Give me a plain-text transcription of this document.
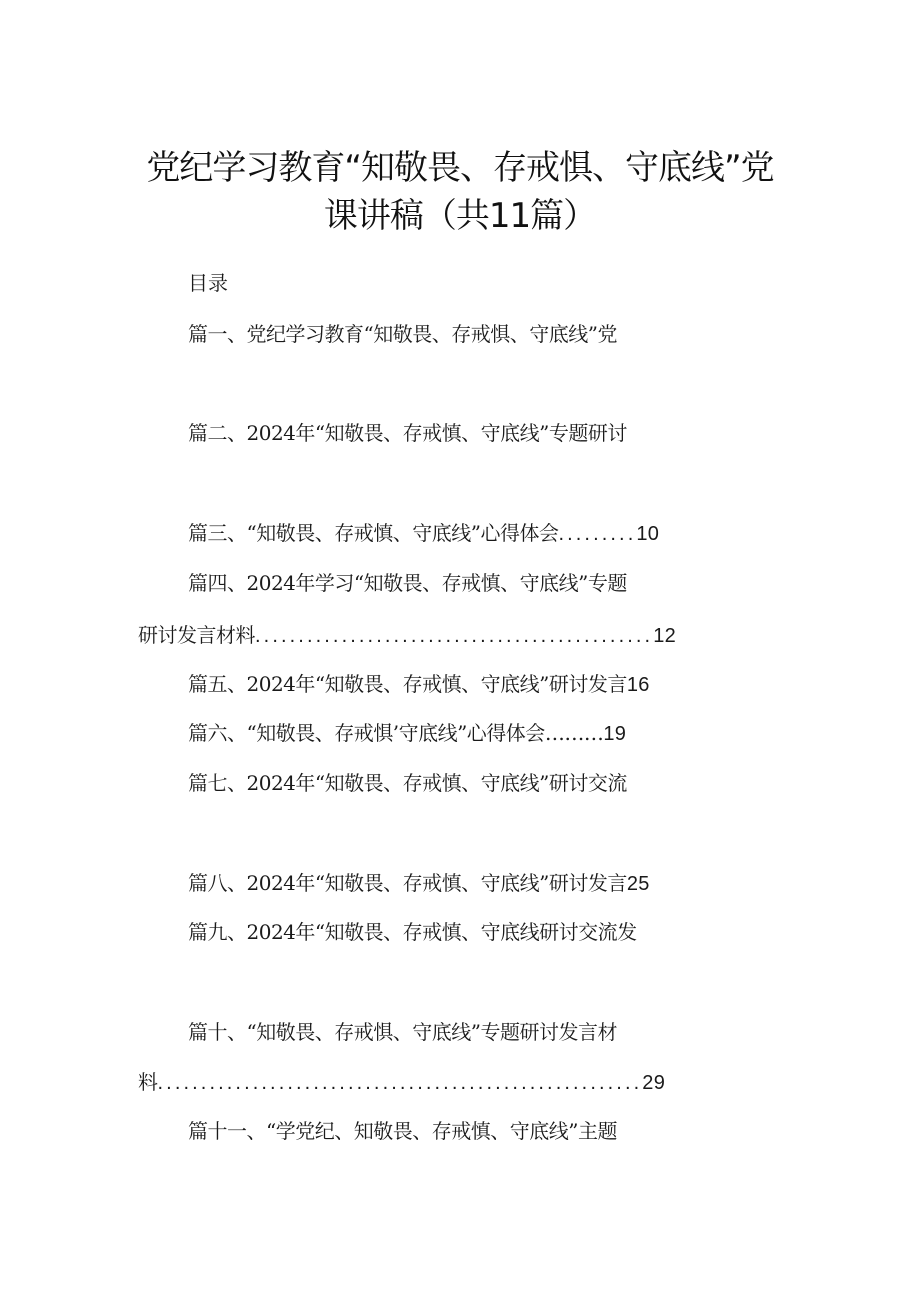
党纪学习教育“知敬畏、存戒惧、守底线”党
课讲稿（共11篇）
目录
篇一、党纪学习教育“知敬畏、存戒惧、守底线”党
篇二、2024年“知敬畏、存戒慎、守底线”专题研讨
篇三、“知敬畏、存戒慎、守底线”心得体会.........10
篇四、2024年学习“知敬畏、存戒慎、守底线”专题
研讨发言材料..............................................12
篇五、2024年“知敬畏、存戒慎、守底线”研讨发言16
篇六、“知敬畏、存戒惧’守底线”心得体会………19
篇七、2024年“知敬畏、存戒慎、守底线”研讨交流
篇八、2024年“知敬畏、存戒慎、守底线”研讨发言25
篇九、2024年“知敬畏、存戒慎、守底线研讨交流发
篇十、“知敬畏、存戒惧、守底线”专题研讨发言材
料........................................................29
篇十一、“学党纪、知敬畏、存戒慎、守底线”主题
